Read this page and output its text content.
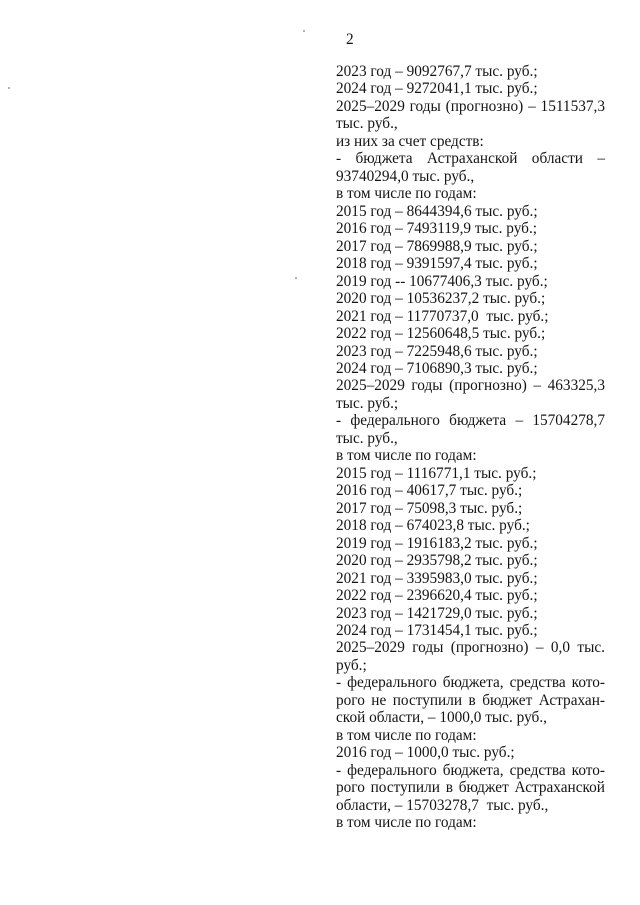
2
2023 год – 9092767,7 тыс. руб.;
2024 год – 9272041,1 тыс. руб.;
2025–2029 годы (прогнозно) – 1511537,3
тыс. руб.,
из них за счет средств:
- бюджета Астраханской области –
93740294,0 тыс. руб.,
в том числе по годам:
2015 год – 8644394,6 тыс. руб.;
2016 год – 7493119,9 тыс. руб.;
2017 год – 7869988,9 тыс. руб.;
2018 год – 9391597,4 тыс. руб.;
2019 год -- 10677406,3 тыс. руб.;
2020 год – 10536237,2 тыс. руб.;
2021 год – 11770737,0  тыс. руб.;
2022 год – 12560648,5 тыс. руб.;
2023 год – 7225948,6 тыс. руб.;
2024 год – 7106890,3 тыс. руб.;
2025–2029 годы (прогнозно) – 463325,3
тыс. руб.;
- федерального бюджета – 15704278,7
тыс. руб.,
в том числе по годам:
2015 год – 1116771,1 тыс. руб.;
2016 год – 40617,7 тыс. руб.;
2017 год – 75098,3 тыс. руб.;
2018 год – 674023,8 тыс. руб.;
2019 год – 1916183,2 тыс. руб.;
2020 год – 2935798,2 тыс. руб.;
2021 год – 3395983,0 тыс. руб.;
2022 год – 2396620,4 тыс. руб.;
2023 год – 1421729,0 тыс. руб.;
2024 год – 1731454,1 тыс. руб.;
2025–2029 годы (прогнозно) – 0,0 тыс.
руб.;
- федерального бюджета, средства кото-
рого не поступили в бюджет Астрахан-
ской области, – 1000,0 тыс. руб.,
в том числе по годам:
2016 год – 1000,0 тыс. руб.;
- федерального бюджета, средства кото-
рого поступили в бюджет Астраханской
области, – 15703278,7  тыс. руб.,
в том числе по годам:
